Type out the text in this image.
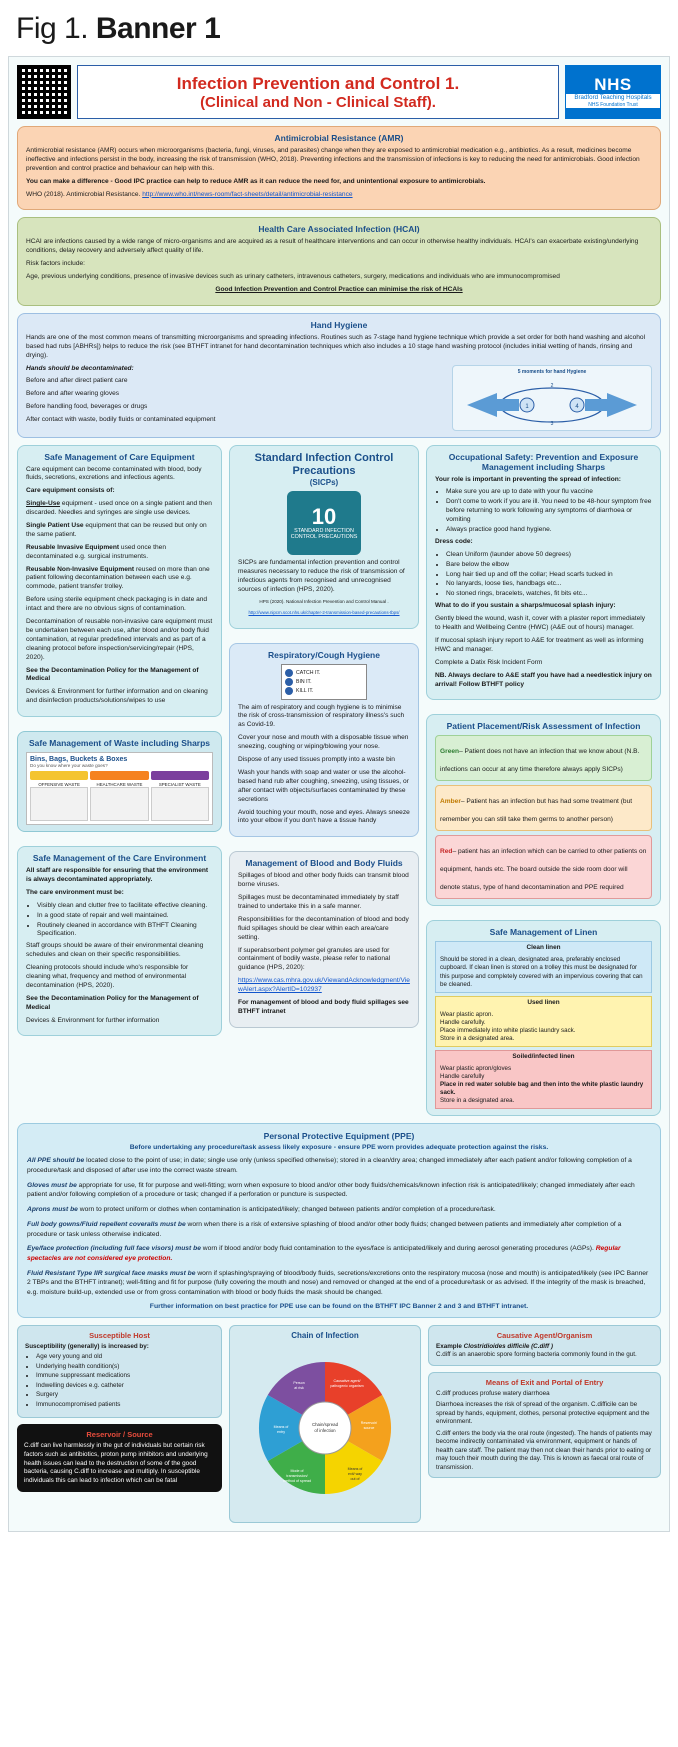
Fig 1. Banner 1
Infection Prevention and Control 1.
(Clinical and Non - Clinical Staff).
NHS
Bradford Teaching Hospitals
NHS Foundation Trust
Antimicrobial Resistance (AMR)

Antimicrobial resistance (AMR) occurs when microorganisms (bacteria, fungi, viruses, and parasites) change when they are exposed to antimicrobial medication e.g., antibiotics. As a result, medicines become ineffective and infections persist in the body, increasing the risk of transmission (WHO, 2018). Preventing infections and the transmission of infections is key to reducing the need for antimicrobials. Good infection prevention and control practice and behaviour can help with this.

You can make a difference - Good IPC practice can help to reduce AMR as it can reduce the need for, and unintentional exposure to antimicrobials.

WHO (2018). Antimicrobial Resistance. http://www.who.int/news-room/fact-sheets/detail/antimicrobial-resistance

Health Care Associated Infection (HCAI)

HCAI are infections caused by a wide range of micro-organisms and are acquired as a result of healthcare interventions and can occur in otherwise healthy individuals. HCAI's can exacerbate existing/underlying conditions, delay recovery and adversely affect quality of life.

Risk factors include:

Age, previous underlying conditions, presence of invasive devices such as urinary catheters, intravenous catheters, surgery, medications and individuals who are immunocompromised

Good Infection Prevention and Control Practice can minimise the risk of HCAIs

Hand Hygiene

Hands are one of the most common means of transmitting microorganisms and spreading infections. Routines such as 7-stage hand hygiene technique which provide a set order for both hand washing and alcohol based had rubs [ABHRs]) helps to reduce the risk (see BTHFT intranet for hand decontamination techniques which also includes a 10 stage hand washing protocol (includes initial wetting of hands, rinsing and drying).

Hands should be decontaminated:

Before and after direct patient care

Before and after wearing gloves

Before handling food, beverages or drugs

After contact with waste, bodily fluids or contaminated equipment

5 moments for hand Hygiene
1	4
2
3
Safe Management of Care Equipment

Care equipment can become contaminated with blood, body fluids, secretions, excretions and infectious agents.

Care equipment consists of:

Single-Use equipment - used once on a single patient and then discarded. Needles and syringes are single use devices.

Single Patient Use equipment that can be reused but only on the same patient.

Reusable Invasive Equipment used once then decontaminated e.g. surgical instruments.

Reusable Non-Invasive Equipment reused on more than one patient following decontamination between each use e.g. commode, patient transfer trolley.

Before using sterile equipment check packaging is in date and intact and there are no obvious signs of contamination.

Decontamination of reusable non-invasive care equipment must be undertaken between each use, after blood and/or body fluid contamination, at regular predefined intervals and as part of a cleaning protocol before inspection/servicing/repair (HPS, 2020).

See the Decontamination Policy for the Management of Medical

Devices & Environment for further information and on cleaning and disinfection products/solutions/wipes to use

Safe Management of Waste including Sharps
Bins, Bags, Buckets & Boxes
Do you know where your waste goes?
OFFENSIVE WASTE	HEALTHCARE WASTE	SPECIALIST WASTE
Safe Management of the Care Environment

All staff are responsible for ensuring that the environment is always decontaminated appropriately.

The care environment must be:

• Visibly clean and clutter free to facilitate effective cleaning.
• In a good state of repair and well maintained.
• Routinely cleaned in accordance with BTHFT Cleaning Specification.

Staff groups should be aware of their environmental cleaning schedules and clean on their specific responsibilities.

Cleaning protocols should include who's responsible for cleaning what, frequency and method of environmental decontamination (HPS, 2020).

See the Decontamination Policy for the Management of Medical

Devices & Environment for further information

Standard Infection Control
Precautions
(SICPs)
10
STANDARD INFECTION CONTROL PRECAUTIONS

SICPs are fundamental infection prevention and control measures necessary to reduce the risk of transmission of infectious agents from recognised and unrecognised sources of infection (HPS, 2020).

HPS (2020). National Infection Prevention and Control Manual .

http://www.nipcm.scot.nhs.uk/chapter-2-transmission-based-precautions-tbps/

Respiratory/Cough Hygiene
CATCH IT.
BIN IT.
KILL IT.

The aim of respiratory and cough hygiene is to minimise the risk of cross-transmission of respiratory illness's such as Covid-19.

Cover your nose and mouth with a disposable tissue when sneezing, coughing or wiping/blowing your nose.

Dispose of any used tissues promptly into a waste bin

Wash your hands with soap and water or use the alcohol-based hand rub after coughing, sneezing, using tissues, or after contact with objects/surfaces contaminated by these secretions

Avoid touching your mouth, nose and eyes. Always sneeze into your elbow if you don't have a tissue handy

Management of Blood and Body Fluids

Spillages of blood and other body fluids can transmit blood borne viruses.

Spillages must be decontaminated immediately by staff trained to undertake this in a safe manner.

Responsibilities for the decontamination of blood and body fluid spillages should be clear within each area/care setting.

If superabsorbent polymer gel granules are used for containment of bodily waste, please refer to national guidance (HPS, 2020):

https://www.cas.mhra.gov.uk/ViewandAcknowledgment/ViewAlert.aspx?AlertID=102937

For management of blood and body fluid spillages see BTHFT intranet

Occupational Safety: Prevention and Exposure Management including Sharps

Your role is important in preventing the spread of infection:

• Make sure you are up to date with your flu vaccine
• Don't come to work if you are ill. You need to be 48-hour symptom free before returning to work following any symptoms of diarrhoea or vomiting
• Always practice good hand hygiene.

Dress code:

• Clean Uniform (launder above 50 degrees)
• Bare below the elbow
• Long hair tied up and off the collar; Head scarfs tucked in
• No lanyards, loose ties, handbags etc...
• No stoned rings, bracelets, watches, fit bits etc...

What to do if you sustain a sharps/mucosal splash injury:

Gently bleed the wound, wash it, cover with a plaster report immediately to Health and Wellbeing Centre (HWC) (A&E out of hours) manager.

If mucosal splash injury report to A&E for treatment as well as informing HWC and manager.

Complete a Datix Risk Incident Form

NB. Always declare to A&E staff you have had a needlestick injury on arrival! Follow BTHFT policy

Patient Placement/Risk Assessment of Infection
Green– Patient does not have an infection that we know about (N.B. infections can occur at any time therefore always apply SICPs)
Amber– Patient has an infection but has had some treatment (but remember you can still take them germs to another person)
Red– patient has an infection which can be carried to other patients on equipment, hands etc. The board outside the side room door will denote status, type of hand decontamination and PPE required
Safe Management of Linen
Clean linen
Should be stored in a clean, designated area, preferably enclosed cupboard. If clean linen is stored on a trolley this must be designated for this purpose and completely covered with an impervious covering that can be cleaned.
Used linen
Wear plastic apron.
Handle carefully.
Place immediately into white plastic laundry sack.
Store in a designated area.
Soiled/infected linen
Wear plastic apron/gloves
Handle carefully
Place in red water soluble bag and then into the white plastic laundry sack.
Store in a designated area.
Personal Protective Equipment (PPE)
Before undertaking any procedure/task assess likely exposure - ensure PPE worn provides adequate protection against the risks.

All PPE should be located close to the point of use; in date; single use only (unless specified otherwise); stored in a clean/dry area; changed immediately after each patient and/or following completion of a procedure/task and disposed of after use into the correct waste stream.

Gloves must be appropriate for use, fit for purpose and well-fitting; worn when exposure to blood and/or other body fluids/chemicals/known infection risk is anticipated/likely; changed immediately after each patient and/or following completion of a procedure or task; changed if a perforation or puncture is suspected.

Aprons must be worn to protect uniform or clothes when contamination is anticipated/likely; changed between patients and/or completion of a procedure/task.

Full body gowns/Fluid repellent coveralls must be worn when there is a risk of extensive splashing of blood and/or other body fluids; changed between patients and immediately after completion of a procedure or task unless otherwise indicated.

Eye/face protection (including full face visors) must be worn if blood and/or body fluid contamination to the eyes/face is anticipated/likely and during aerosol generating procedures (AGPs). Regular spectacles are not considered eye protection.

Fluid Resistant Type IIR surgical face masks must be worn if splashing/spraying of blood/body fluids, secretions/excretions onto the respiratory mucosa (nose and mouth) is anticipated/likely (see IPC Banner 2 TBPs and the BTHFT intranet); well-fitting and fit for purpose (fully covering the mouth and nose) and removed or changed at the end of a procedure/task or as advised. If the integrity of the mask is breached, e.g. moisture build-up, extended use or from gross contamination with blood or body fluids the mask should be changed.

Further information on best practice for PPE use can be found on the BTHFT IPC Banner 2 and 3 and BTHFT intranet.
Susceptible Host
Susceptibility (generally) is increased by:
• Age very young and old
• Underlying health condition(s)
• Immune suppressant medications
• Indwelling devices e.g. catheter
• Surgery
• Immunocompromised patients
Reservoir / Source

C.diff can live harmlessly in the gut of individuals but certain risk factors such as antibiotics, proton pump inhibitors and underlying health issues can lead to the destruction of some of the good bacteria, causing C.diff to increase and multiply. In susceptible individuals this can lead to infection which can be fatal

Chain of Infection
Chain/spread
of infection
Causative agent/
pathogenic organism
Reservoir/
source
Means of
exit/ way
out of
Mode of
transmission/
method of spread
Means of
entry
Person
at risk
Causative Agent/Organism
Example Clostridioides difficile (C.diff )
C.diff is an anaerobic spore forming bacteria commonly found in the gut.
Means of Exit and Portal of Entry
C.diff produces profuse watery diarrhoea
Diarrhoea increases the risk of spread of the organism. C.difficile can be spread by hands, equipment, clothes, personal protective equipment and the environment.
C.diff enters the body via the oral route (ingested). The hands of patients may become indirectly contaminated via environment, equipment or hands of health care staff. The patient may then not clean their hands prior to eating or may touch their mouth during the day. This is known as faecal oral route of transmission.
